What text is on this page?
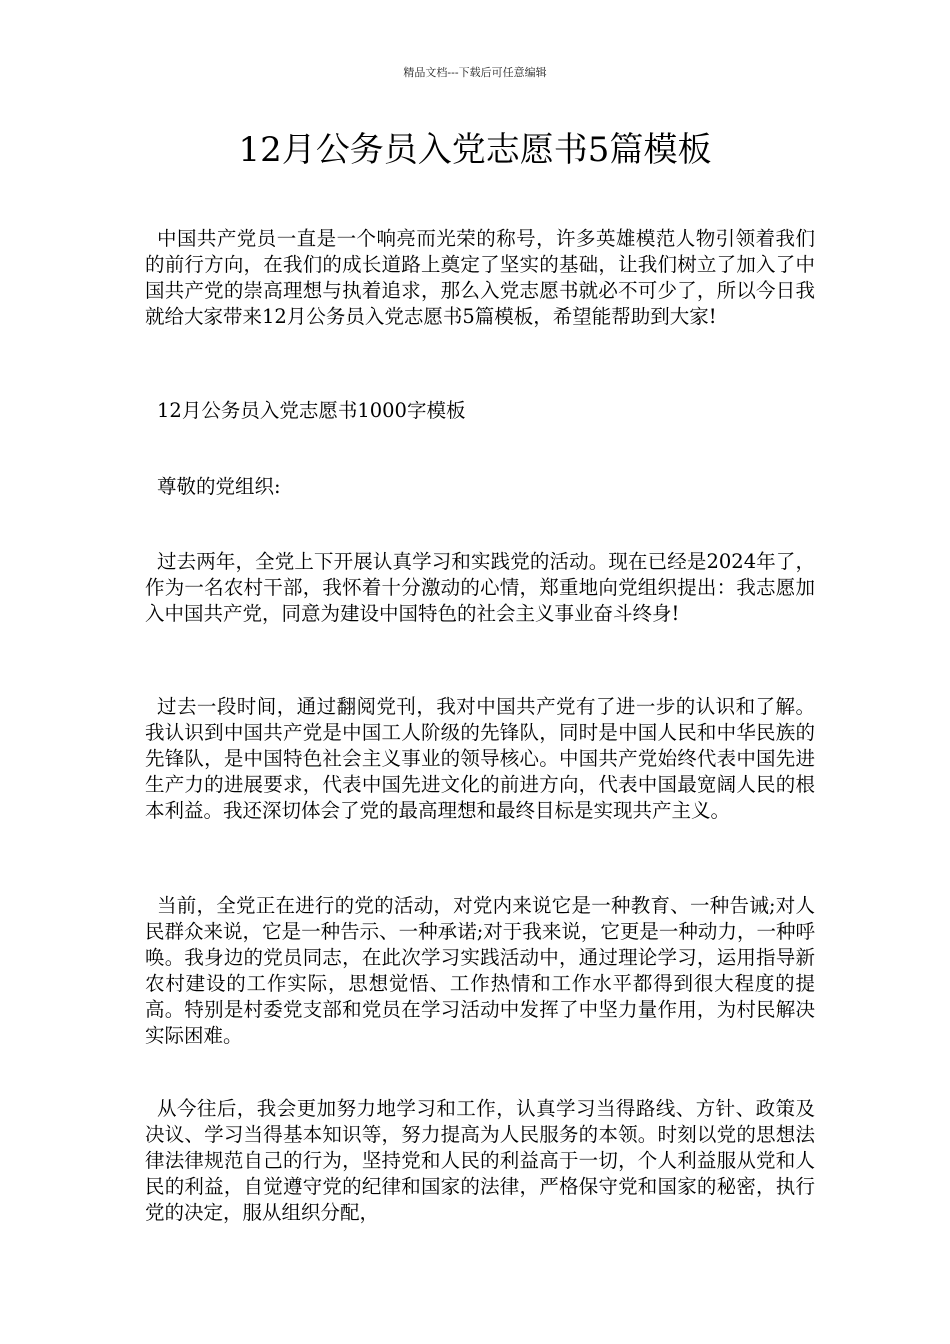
精品文档---下载后可任意编辑
12月公务员入党志愿书5篇模板

中国共产党员一直是一个响亮而光荣的称号，许多英雄模范人物引领着我们的前行方向，在我们的成长道路上奠定了坚实的基础，让我们树立了加入了中国共产党的崇高理想与执着追求，那么入党志愿书就必不可少了，所以今日我就给大家带来12月公务员入党志愿书5篇模板，希望能帮助到大家!

12月公务员入党志愿书1000字模板

尊敬的党组织:

过去两年，全党上下开展认真学习和实践党的活动。现在已经是2024年了，作为一名农村干部，我怀着十分激动的心情，郑重地向党组织提出：我志愿加入中国共产党，同意为建设中国特色的社会主义事业奋斗终身!

过去一段时间，通过翻阅党刊，我对中国共产党有了进一步的认识和了解。我认识到中国共产党是中国工人阶级的先锋队，同时是中国人民和中华民族的先锋队，是中国特色社会主义事业的领导核心。中国共产党始终代表中国先进生产力的进展要求，代表中国先进文化的前进方向，代表中国最宽阔人民的根本利益。我还深切体会了党的最高理想和最终目标是实现共产主义。

当前，全党正在进行的党的活动，对党内来说它是一种教育、一种告诫;对人民群众来说，它是一种告示、一种承诺;对于我来说，它更是一种动力，一种呼唤。我身边的党员同志，在此次学习实践活动中，通过理论学习，运用指导新农村建设的工作实际，思想觉悟、工作热情和工作水平都得到很大程度的提高。特别是村委党支部和党员在学习活动中发挥了中坚力量作用，为村民解决实际困难。

从今往后，我会更加努力地学习和工作，认真学习当得路线、方针、政策及决议、学习当得基本知识等，努力提高为人民服务的本领。时刻以党的思想法律法律规范自己的行为，坚持党和人民的利益高于一切，个人利益服从党和人民的利益，自觉遵守党的纪律和国家的法律，严格保守党和国家的秘密，执行党的决定，服从组织分配，
